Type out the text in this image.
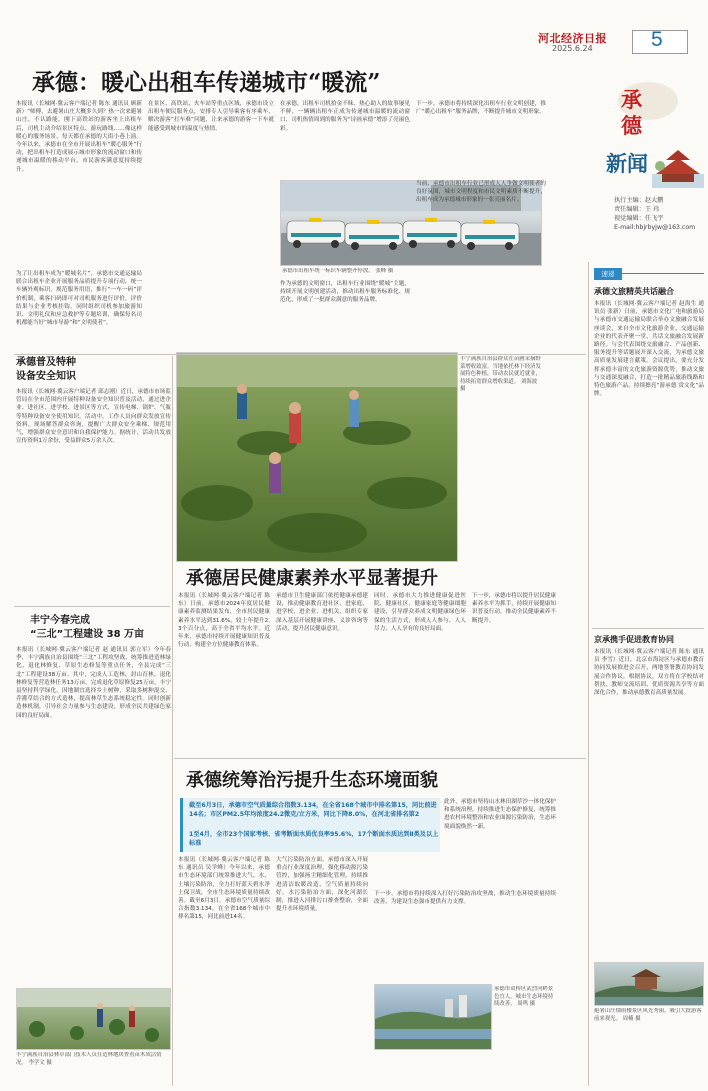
河北经济日报
2025.6.24	5
承
德
新闻
执行主编：赵大鹏
责任编辑：王 玮
视觉编辑：任飞宇
E-mail:hbjrbyjw@163.com
承德：暖心出租车传递城市“暖流”
本报讯（长城网·冀云客户端记者 陈东 通讯员 顾新新）“师傅，去避暑山庄大概多久到？热一次来避暑山庄，不认路能，刚下高铁站的游客坐上出租车后，司机主动介绍景区特点、游玩路线……像这样暖心的服务场景，每天都在承德的大街小巷上演。今年以来，承德市在全市开展出租车“暖心服务”行动，把出租车打造成展示城市形象的流动窗口和传递城市温暖的移动平台，市民游客满意度持续提升。
为了让出租车成为“暖城名片”，承德市交通运输局联合出租车企业开展服务品质提升专项行动，统一车辆外观标识，规范服务用语，推行“一车一码”评价机制，乘客扫码即可对司机服务进行评价，评价结果与企业考核挂钩。同时组织司机参加旅游知识、文明礼仪和应急救护等专题培训，确保每名司机都能当好“城市导游”和“文明使者”。
在景区、高铁站、火车站等重点区域，承德市设立出租车便民服务点，安排专人引导乘客有序乘车，解决游客“打车难”问题，让来承德的游客一下车就能感受到城市的温度与热情。
在承德，出租车司机拾金不昧、热心助人的故事屡见不鲜，一辆辆出租车正成为传递城市温暖的流动窗口，司机热情周到的服务为“诗画承德”增添了亮丽色彩。
下一步，承德市将持续深化出租车行业文明创建，推广“暖心出租车”服务品牌，不断提升城市文明形象。
承德市出租车统一标识车辆整齐停放。 张峰 摄
作为承德的文明窗口，出租车行业围绕“暖城”主题，持续开展文明创建活动，推动出租车服务标准化、规范化，形成了一批群众满意的服务品牌。
当前，承德市出租车行业已形成人人争做文明使者的良好氛围，城市文明程度和市民文明素质不断提升，出租车成为承德城市形象的一张亮丽名片。
速递
承德文旅精英共话融合
本报讯（长城网·冀云客户端记者 赵海生 通讯员 张新）日前，承德市文化广电和旅游局与承德市交通运输局联合举办文旅融合发展座谈会，来自全市文化旅游企业、交通运输企业的代表齐聚一堂，共话文旅融合发展新路径。与会代表围绕交旅融合、产品创新、服务提升等话题展开深入交流，为承德文旅高质量发展建言献策。会议提出，要充分发挥承德丰富的文化旅游资源优势，推动文旅与交通深度融合，打造一批精品旅游线路和特色旅游产品，持续擦亮“游承德 赏文化”品牌。
京承携手促进教育协同
本报讯（长城网·冀云客户端记者 陈东 通讯员 李雪）近日，北京市海淀区与承德市教育协同发展推进会召开，两地签署教育协同发展合作协议。根据协议，双方将在学校结对帮扶、教师交流培训、优质资源共享等方面深化合作，推动承德教育高质量发展。
避暑山庄烟雨楼景区风光秀丽，吸引大批游客前来观光。 周楠 摄
承德普及特种
设备安全知识
本报讯（长城网·冀云客户端记者 邱志刚）近日，承德市市场监管局在全市范围内开展特种设备安全知识普及活动，通过进企业、进社区、进学校、进景区等方式，宣传电梯、锅炉、气瓶等特种设备安全使用知识。活动中，工作人员向群众发放宣传资料，现场解答群众咨询，提醒广大群众安全乘梯、规范用气，增强群众安全意识和自我保护能力。据统计，活动共发放宣传资料1万余份，受益群众5万余人次。
丰宁今春完成
“三北”工程建设 38 万亩
本报讯（长城网·冀云客户端记者 赵 通讯员 郭立军）今年春季，丰宁满族自治县围绕“三北”工程攻坚战，统筹推进造林绿化、退化林修复、草原生态修复等重点任务，全县完成“三北”工程建设38万亩。其中，完成人工造林、封山育林、退化林修复等营造林任务13万亩，完成退化草原修复25万亩。丰宁县坚持科学绿化，因地制宜选择乡土树种，采取多树种混交、乔灌草结合的方式造林，提高林草生态系统稳定性。同时创新造林机制，引导社会力量参与生态建设，形成全民共建绿色家园的良好局面。
丰宁满族自治县林草部门技术人员在造林地块查看苗木成活情况。 李学文 摄
丰宁满族自治县群众在苗圃采摘野菜增收致富。当地依托林下经济发展特色种植，带动农民就近就业，持续拓宽群众增收渠道。 刘海波 摄
承德居民健康素养水平显著提升
本报讯（长城网·冀云客户端记者 陈东）日前，承德市2024年度居民健康素养监测结果发布，全市居民健康素养水平达到31.6%，较上年提升2.3个百分点，高于全省平均水平。近年来，承德市持续开展健康知识普及行动，构建全方位健康教育体系。
承德市卫生健康部门依托健康承德建设，推动健康教育进社区、进家庭、进学校、进企业、进机关，组织专家深入基层开展健康讲座、义诊咨询等活动，提升居民健康意识。
同时，承德市大力推进健康促进医院、健康社区、健康家庭等健康细胞建设，引导群众养成文明健康绿色环保的生活方式，形成人人参与、人人尽力、人人享有的良好局面。
下一步，承德市将以提升居民健康素养水平为抓手，持续开展健康知识普及行动，推动全民健康素养不断提升。
承德统筹治污提升生态环境面貌
截至6月3日，承德市空气质量综合指数3.134，在全省168个城市中排名第15，同比前进14名；市区PM2.5年均浓度24.2微克/立方米，同比下降8.0%，在河北省排名第2
1至4月，全市23个国家考核、省考断面水质优良率95.6%，17个断面水质达到Ⅱ类及以上标准
本报讯（长城网·冀云客户端记者 陈东 通讯员 吴学峰）今年以来，承德市生态环境部门统筹推进大气、水、土壤污染防治，全力打好蓝天碧水净土保卫战，全市生态环境质量持续改善。截至6月3日，承德市空气质量综合指数3.134，在全省168个城市中排名第15，同比前进14名。
大气污染防治方面，承德市深入开展重点行业深度治理，强化移动源污染管控，加强扬尘精细化管理，持续推进清洁取暖改造，空气质量持续向好。水污染防治方面，深化河湖长制，推进入河排污口排查整治，全面提升水环境质量。
此外，承德市坚持山水林田湖草沙一体化保护和系统治理，持续推进生态保护修复，统筹推进农村环境整治和农业面源污染防治，生态环境面貌焕然一新。
下一步，承德市将持续深入打好污染防治攻坚战，推动生态环境质量持续改善，为建设生态强市提供有力支撑。
承德市双桥区武烈河畔景色宜人，城市生态环境持续改善。 周鸣 摄
